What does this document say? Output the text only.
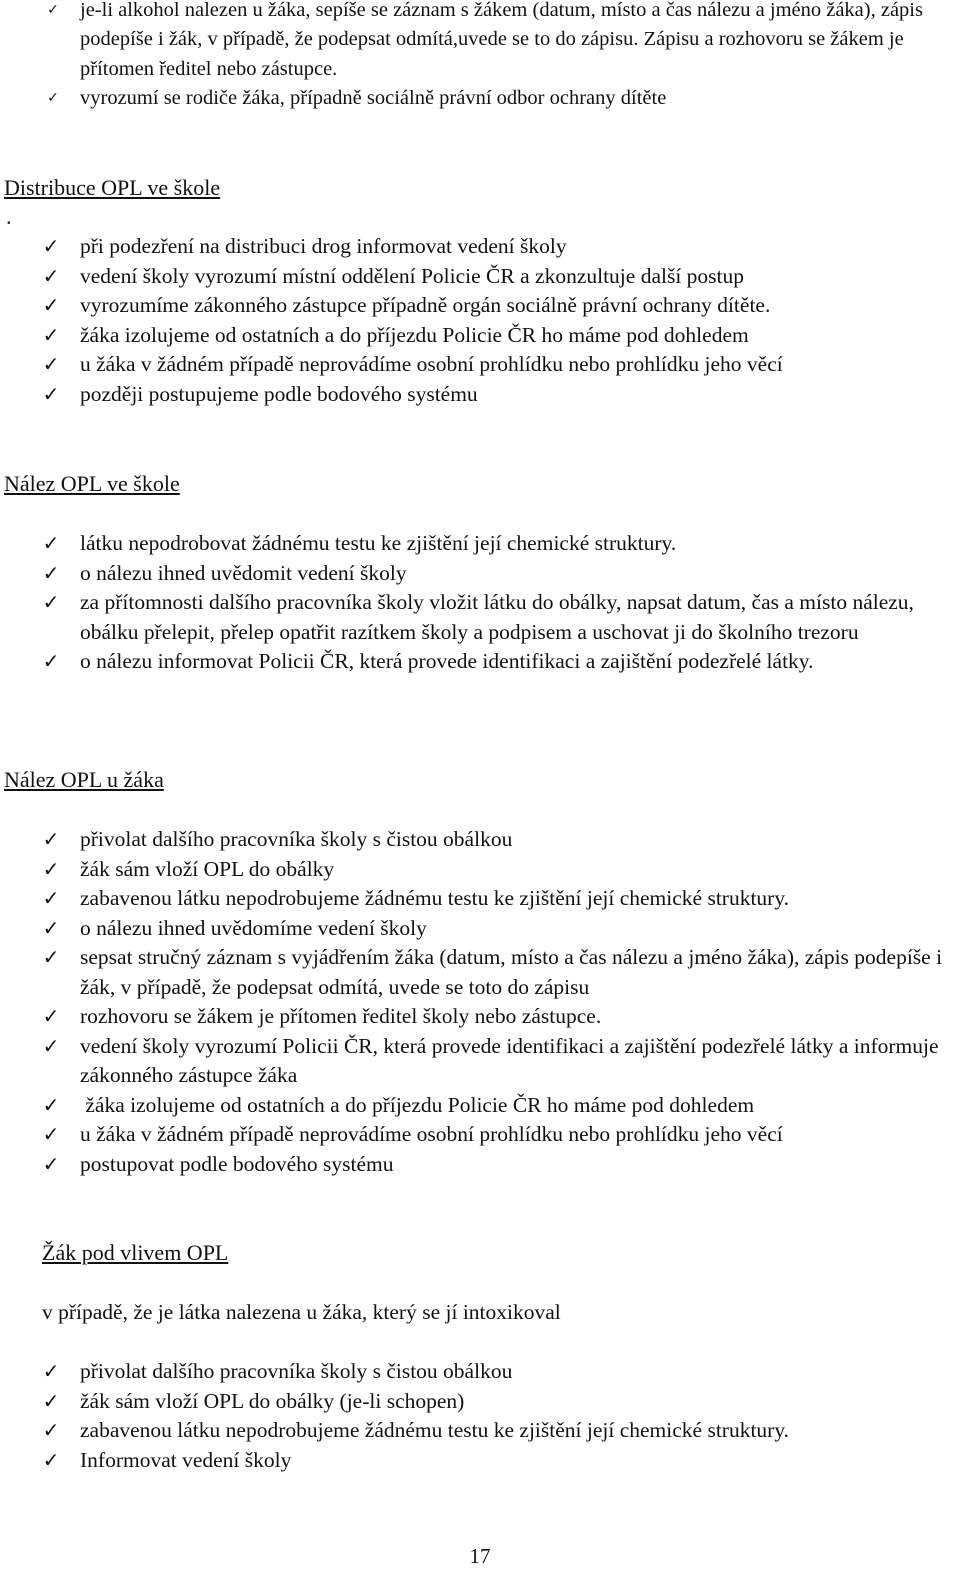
✓	je-li alkohol nalezen u žáka, sepíše se záznam s žákem (datum, místo a čas nálezu a jméno žáka), zápis podepíše i žák, v případě, že podepsat odmítá,uvede se to do zápisu. Zápisu a rozhovoru se žákem je přítomen ředitel nebo zástupce.
✓	vyrozumí se rodiče žáka, případně sociálně právní odbor ochrany dítěte
Distribuce OPL ve škole
.
✓ při podezření na distribuci drog informovat vedení školy
✓ vedení školy vyrozumí místní oddělení Policie ČR a zkonzultuje další postup
✓ vyrozumíme zákonného zástupce případně orgán sociálně právní ochrany dítěte.
✓ žáka izolujeme od ostatních a do příjezdu Policie ČR ho máme pod dohledem
✓ u žáka v žádném případě neprovádíme osobní prohlídku nebo prohlídku jeho věcí
✓ později postupujeme podle bodového systému
Nález OPL ve škole
✓ látku nepodrobovat žádnému testu ke zjištění její chemické struktury.
✓ o nálezu ihned uvědomit vedení školy
✓ za přítomnosti dalšího pracovníka školy vložit látku do obálky, napsat datum, čas a místo nálezu, obálku přelepit, přelep opatřit razítkem školy a podpisem a uschovat ji do školního trezoru
✓ o nálezu informovat Policii ČR, která provede identifikaci a zajištění podezřelé látky.
Nález OPL u žáka
✓ přivolat dalšího pracovníka školy s čistou obálkou
✓ žák sám vloží OPL do obálky
✓ zabavenou látku nepodrobujeme žádnému testu ke zjištění její chemické struktury.
✓ o nálezu ihned uvědomíme vedení školy
✓ sepsat stručný záznam s vyjádřením žáka (datum, místo a čas nálezu a jméno žáka), zápis podepíše i žák, v případě, že podepsat odmítá, uvede se toto do zápisu
✓ rozhovoru se žákem je přítomen ředitel školy nebo zástupce.
✓ vedení školy vyrozumí Policii ČR, která provede identifikaci a zajištění podezřelé látky a informuje zákonného zástupce žáka
✓ žáka izolujeme od ostatních a do příjezdu Policie ČR ho máme pod dohledem
✓ u žáka v žádném případě neprovádíme osobní prohlídku nebo prohlídku jeho věcí
✓ postupovat podle bodového systému
Žák pod vlivem OPL
v případě, že je látka nalezena u žáka, který se jí intoxikoval
✓ přivolat dalšího pracovníka školy s čistou obálkou
✓ žák sám vloží OPL do obálky (je-li schopen)
✓ zabavenou látku nepodrobujeme žádnému testu ke zjištění její chemické struktury.
✓ Informovat vedení školy
17
